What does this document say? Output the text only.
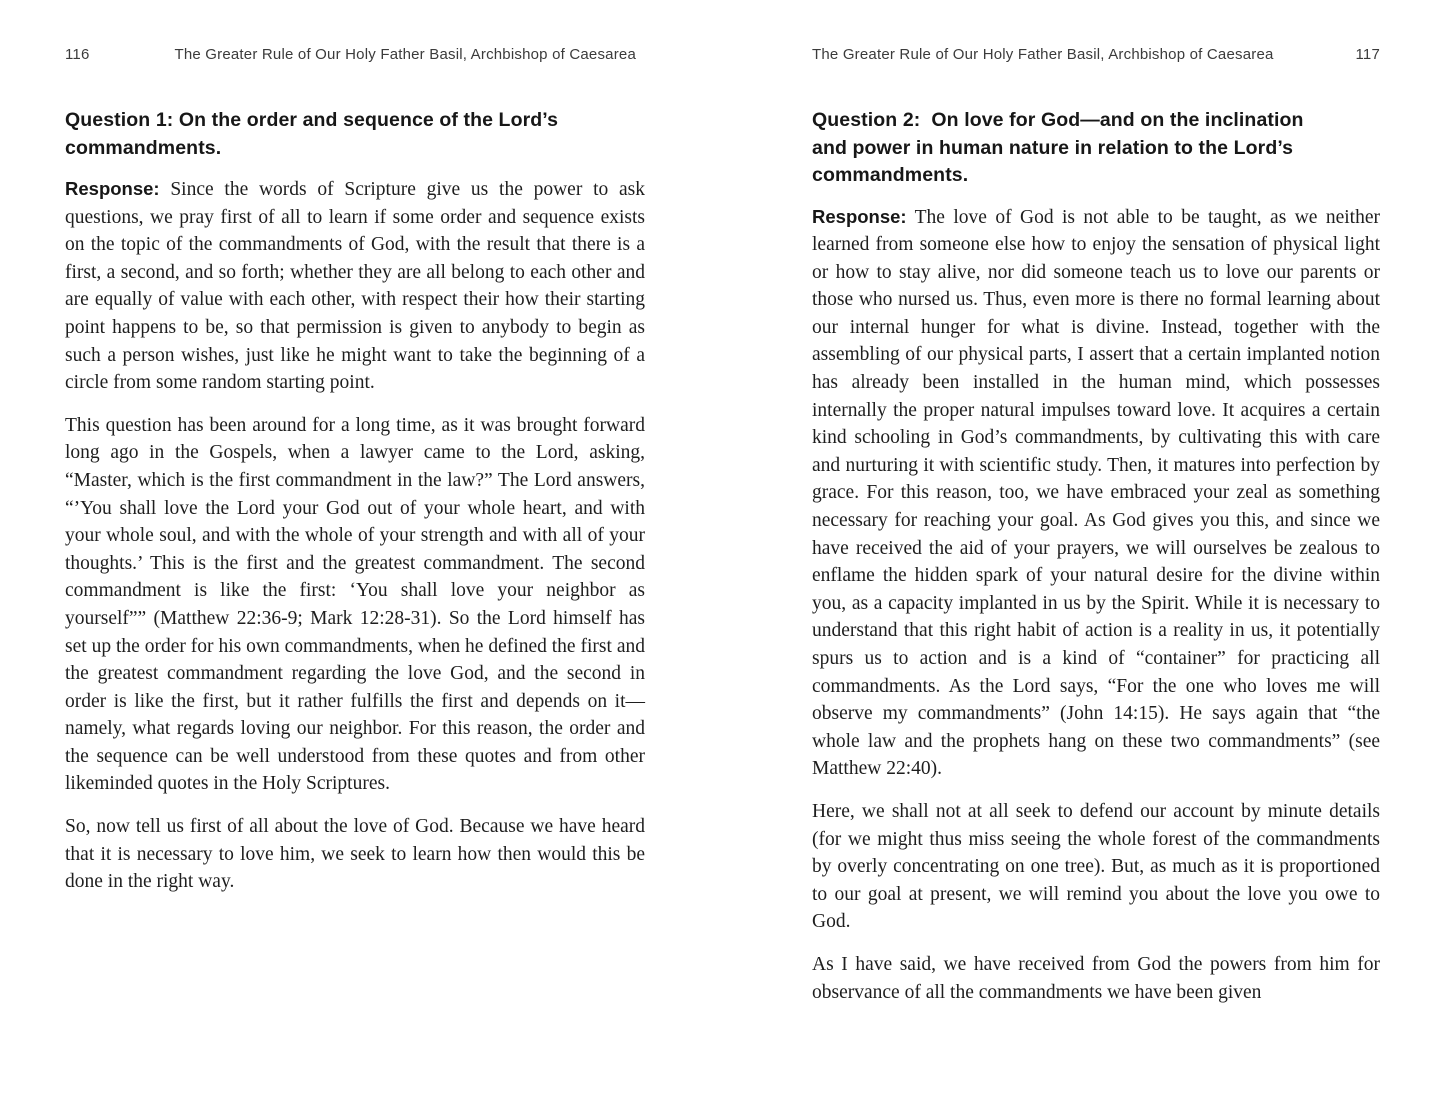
116	The Greater Rule of Our Holy Father Basil, Archbishop of Caesarea
Question 1: On the order and sequence of the Lord’s
commandments.

Response: Since the words of Scripture give us the power to ask questions, we pray first of all to learn if some order and sequence exists on the topic of the commandments of God, with the result that there is a first, a second, and so forth; whether they are all belong to each other and are equally of value with each other, with respect their how their starting point happens to be, so that permission is given to anybody to begin as such a person wishes, just like he might want to take the beginning of a circle from some random starting point.

This question has been around for a long time, as it was brought forward long ago in the Gospels, when a lawyer came to the Lord, asking, “Master, which is the first commandment in the law?” The Lord answers, “’You shall love the Lord your God out of your whole heart, and with your whole soul, and with the whole of your strength and with all of your thoughts.’ This is the first and the greatest commandment. The second commandment is like the first: ‘You shall love your neighbor as yourself”” (Matthew 22:36-9; Mark 12:28-31). So the Lord himself has set up the order for his own commandments, when he defined the first and the greatest commandment regarding the love God, and the second in order is like the first, but it rather fulfills the first and depends on it—namely, what regards loving our neighbor. For this reason, the order and the sequence can be well understood from these quotes and from other likeminded quotes in the Holy Scriptures.

So, now tell us first of all about the love of God. Because we have heard that it is necessary to love him, we seek to learn how then would this be done in the right way.

The Greater Rule of Our Holy Father Basil, Archbishop of Caesarea	117
Question 2:  On love for God—and on the inclination
and power in human nature in relation to the Lord’s
commandments.

Response: The love of God is not able to be taught, as we neither learned from someone else how to enjoy the sensation of physical light or how to stay alive, nor did someone teach us to love our parents or those who nursed us. Thus, even more is there no formal learning about our internal hunger for what is divine. Instead, together with the assembling of our physical parts, I assert that a certain implanted notion has already been installed in the human mind, which possesses internally the proper natural impulses toward love. It acquires a certain kind schooling in God’s commandments, by cultivating this with care and nurturing it with scientific study. Then, it matures into perfection by grace. For this reason, too, we have embraced your zeal as something necessary for reaching your goal. As God gives you this, and since we have received the aid of your prayers, we will ourselves be zealous to enflame the hidden spark of your natural desire for the divine within you, as a capacity implanted in us by the Spirit. While it is necessary to understand that this right habit of action is a reality in us, it potentially spurs us to action and is a kind of “container” for practicing all commandments. As the Lord says, “For the one who loves me will observe my commandments” (John 14:15). He says again that “the whole law and the prophets hang on these two commandments” (see Matthew 22:40).

Here, we shall not at all seek to defend our account by minute details (for we might thus miss seeing the whole forest of the commandments by overly concentrating on one tree). But, as much as it is proportioned to our goal at present, we will remind you about the love you owe to God.

As I have said, we have received from God the powers from him for observance of all the commandments we have been given
